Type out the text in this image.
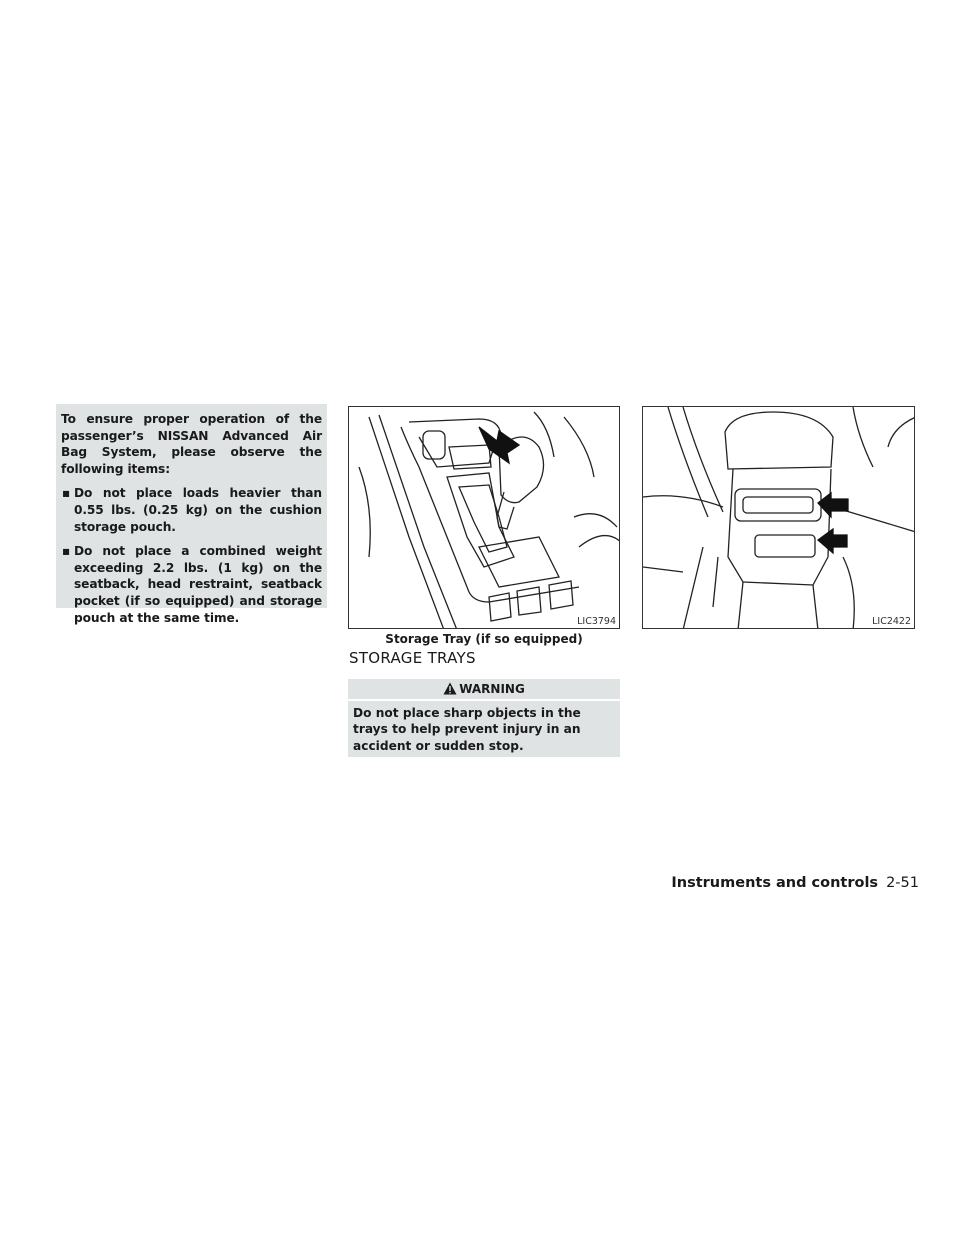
To ensure proper operation of the passenger’s NISSAN Advanced Air Bag System, please observe the following items:

▪ Do not place loads heavier than 0.55 lbs. (0.25 kg) on the cushion storage pouch.
▪ Do not place a combined weight exceeding 2.2 lbs. (1 kg) on the seatback, head restraint, seatback pocket (if so equipped) and storage pouch at the same time.	LIC3794	LIC2422
Storage Tray (if so equipped)
STORAGE TRAYS
WARNING
Do not place sharp objects in the trays to help prevent injury in an accident or sudden stop.
Instruments and controls 2-51
